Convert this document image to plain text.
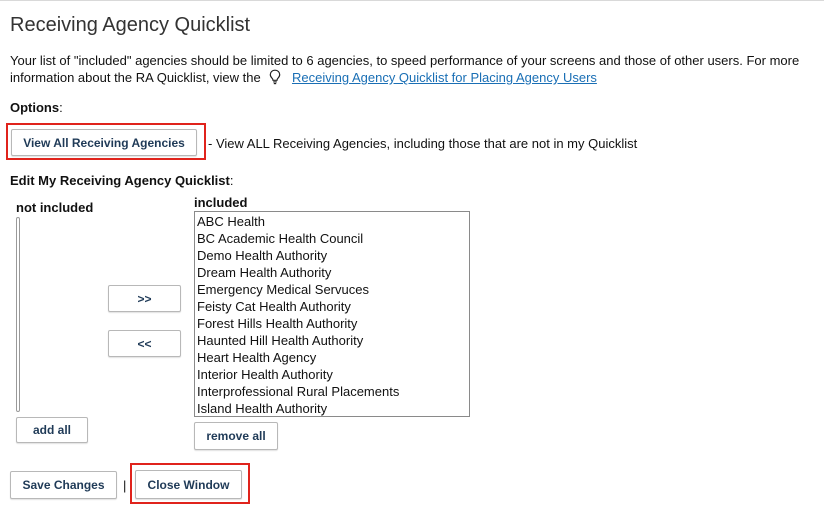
Receiving Agency Quicklist
Your list of "included" agencies should be limited to 6 agencies, to speed performance of your screens and those of other users. For more information about the RA Quicklist, view the Receiving Agency Quicklist for Placing Agency Users
Options:
View All Receiving Agencies	- View ALL Receiving Agencies, including those that are not in my Quicklist
Edit My Receiving Agency Quicklist:
not included
add all
>>
<<
included
ABC Health
BC Academic Health Council
Demo Health Authority
Dream Health Authority
Emergency Medical Servuces
Feisty Cat Health Authority
Forest Hills Health Authority
Haunted Hill Health Authority
Heart Health Agency
Interior Health Authority
Interprofessional Rural Placements
Island Health Authority
remove all
Save Changes	|	Close Window
